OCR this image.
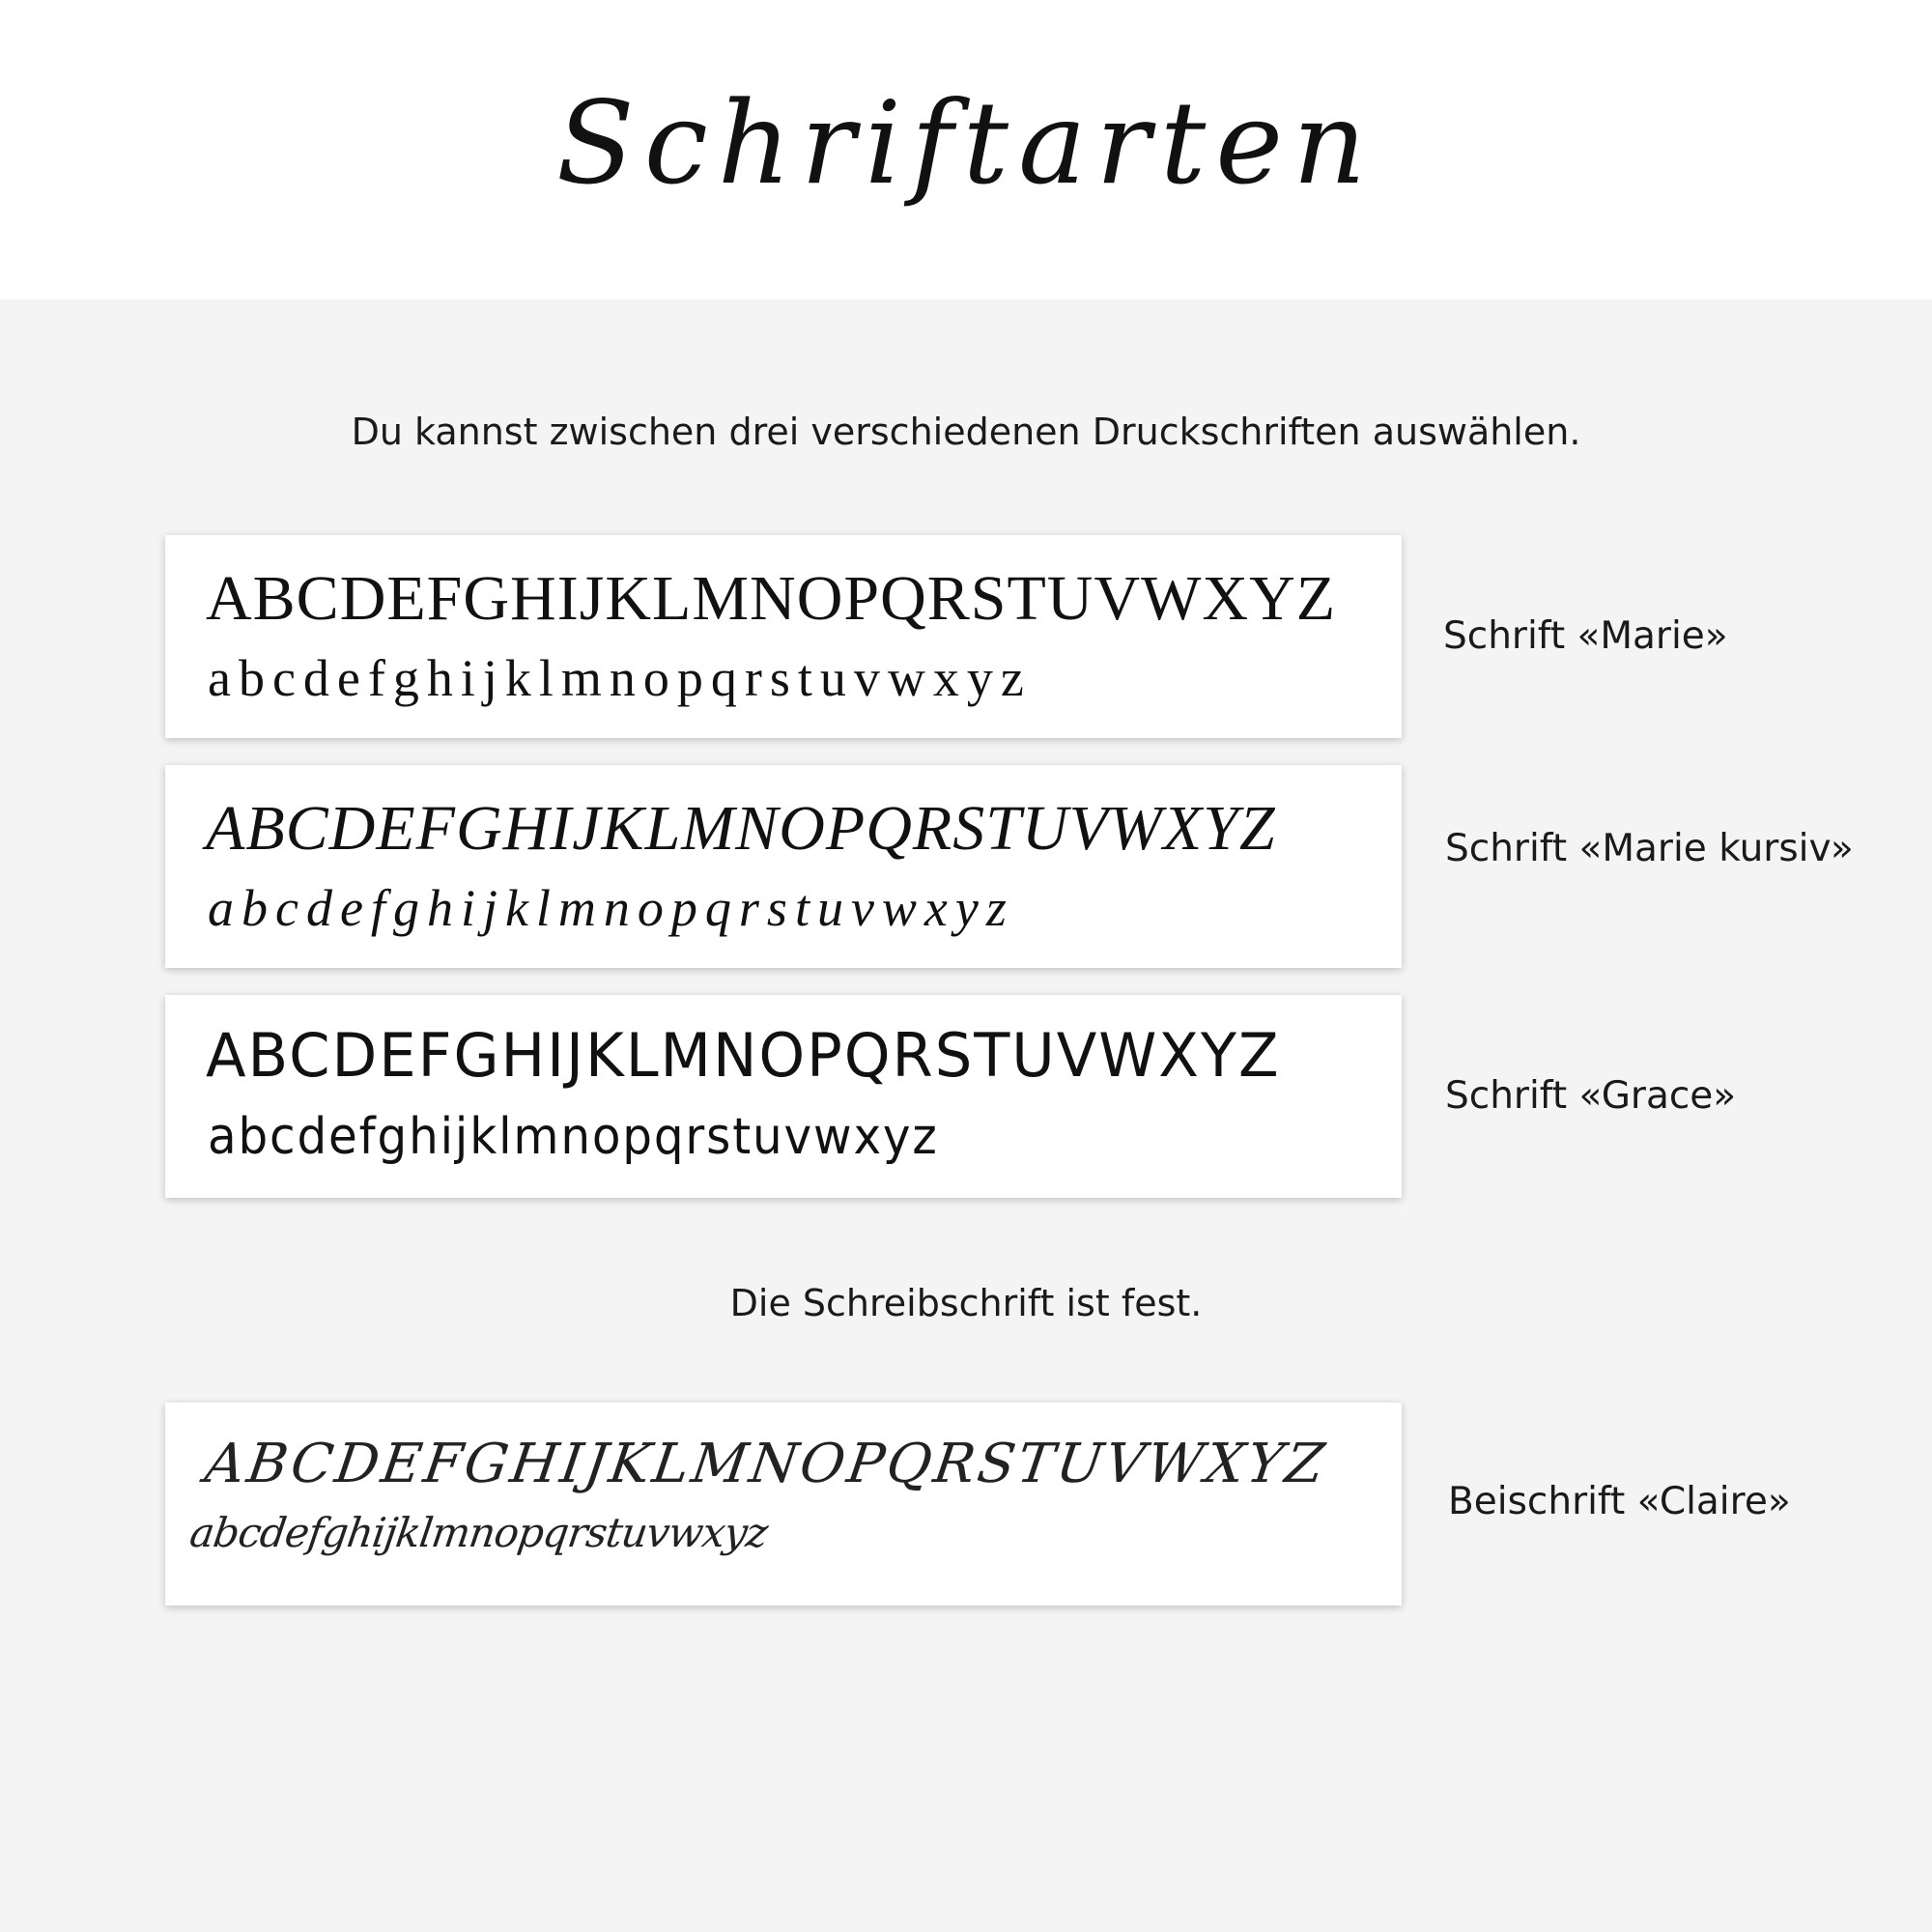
Schriftarten
Du kannst zwischen drei verschiedenen Druckschriften auswählen.
ABCDEFGHIJKLMNOPQRSTUVWXYZ
abcdefghijklmnopqrstuvwxyz
Schrift «Marie»
ABCDEFGHIJKLMNOPQRSTUVWXYZ
abcdefghijklmnopqrstuvwxyz
Schrift «Marie kursiv»
ABCDEFGHIJKLMNOPQRSTUVWXYZ
abcdefghijklmnopqrstuvwxyz
Schrift «Grace»
Die Schreibschrift ist fest.
ABCDEFGHIJKLMNOPQRSTUVWXYZ
abcdefghijklmnopqrstuvwxyz
Beischrift «Claire»
